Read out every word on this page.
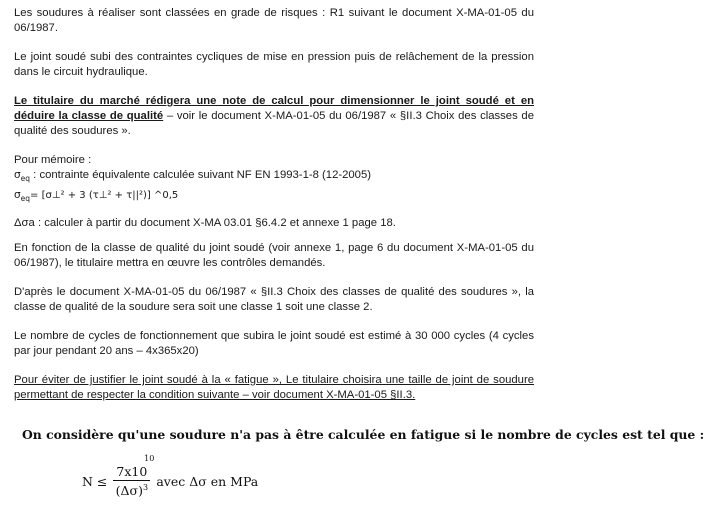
Les soudures à réaliser sont classées en grade de risques : R1 suivant le document X-MA-01-05 du 06/1987.

Le joint soudé subi des contraintes cycliques de mise en pression puis de relâchement de la pression dans le circuit hydraulique.

Le titulaire du marché rédigera une note de calcul pour dimensionner le joint soudé et en déduire la classe de qualité – voir le document X-MA-01-05 du 06/1987 « §II.3 Choix des classes de qualité des soudures ».

Pour mémoire :

$\sigma_{eq}$ : contrainte équivalente calculée suivant NF EN 1993-1-8 (12-2005)

$\sigma_{eq}=$ [σ⊥² + 3 (τ⊥² + τ||²)] ^0,5

Δσa : calculer à partir du document X-MA 03.01 §6.4.2 et annexe 1 page 18.

En fonction de la classe de qualité du joint soudé (voir annexe 1, page 6 du document X-MA-01-05 du 06/1987), le titulaire mettra en œuvre les contrôles demandés.

D'après le document X-MA-01-05 du 06/1987 « §II.3 Choix des classes de qualité des soudures », la classe de qualité de la soudure sera soit une classe 1 soit une classe 2.

Le nombre de cycles de fonctionnement que subira le joint soudé est estimé à 30 000 cycles (4 cycles par jour pendant 20 ans – 4x365x20)

Pour éviter de justifier le joint soudé à la « fatigue », Le titulaire choisira une taille de joint de soudure permettant de respecter la condition suivante – voir document X-MA-01-05 §II.3.

On considère qu'une soudure n'a pas à être calculée en fatigue si le nombre de cycles est tel que :
N ≤ 7x10
10
$(\Delta\sigma)^3$ avec Δσ en MPa
